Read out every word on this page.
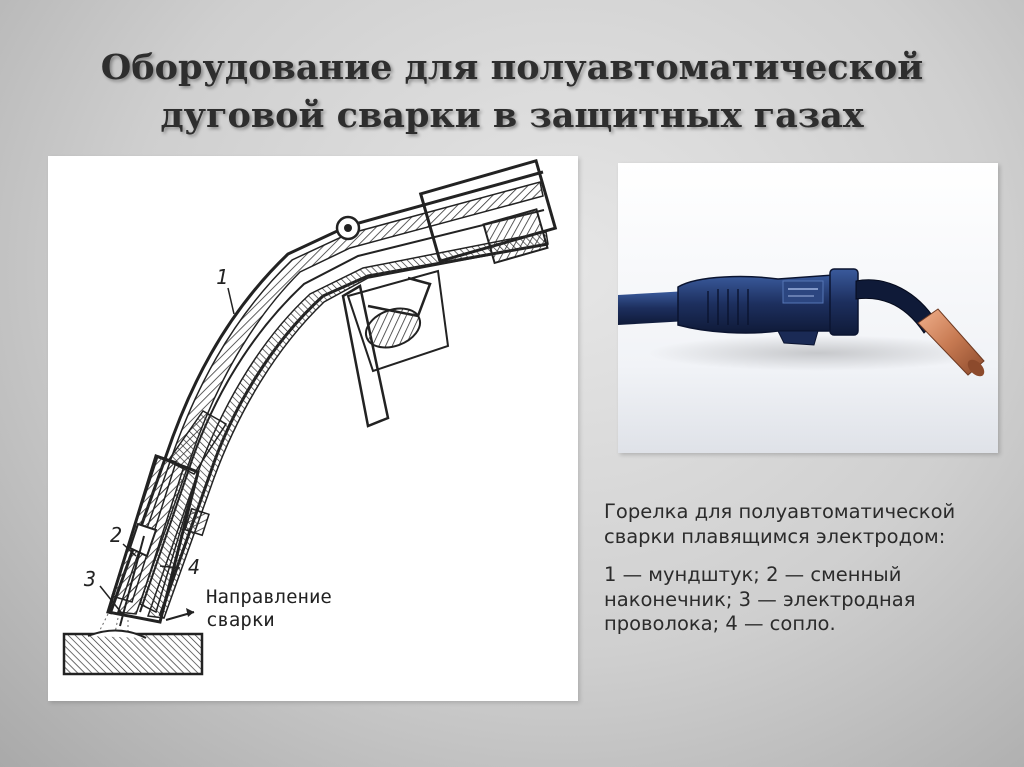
Оборудование для полуавтоматической
дуговой сварки в защитных газах
1
2
3	4
Направление
сварки

Горелка для полуавтоматической сварки плавящимся электродом:

1 — мундштук; 2 — сменный наконечник; 3 — электродная проволока; 4 — сопло.
